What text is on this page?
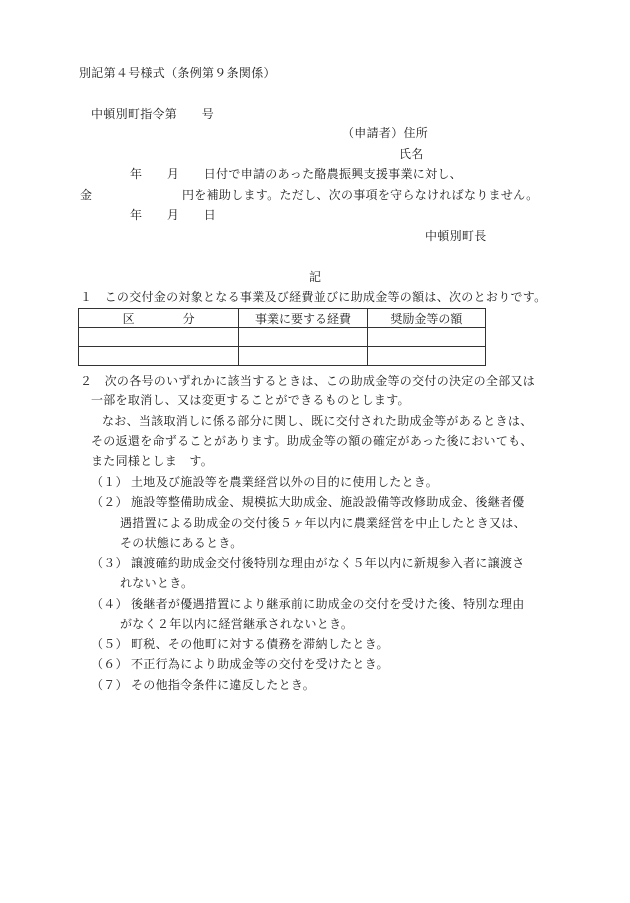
別記第４号様式（条例第９条関係）
中頓別町指令第　　号
（申請者）住所
氏名
年　　月　　日付で申請のあった酪農振興支援事業に対し、
金	円を補助します。ただし、次の事項を守らなければなりません。
年　　月　　日
中頓別町長
記
１　この交付金の対象となる事業及び経費並びに助成金等の額は、次のとおりです。
区　　　　分	事業に要する経費	奨励金等の額

２　次の各号のいずれかに該当するときは、この助成金等の交付の決定の全部又は
一部を取消し、又は変更することができるものとします。
なお、当該取消しに係る部分に関し、既に交付された助成金等があるときは、
その返還を命ずることがあります。助成金等の額の確定があった後においても、
また同様としま　す。
（１） 土地及び施設等を農業経営以外の目的に使用したとき。
（２） 施設等整備助成金、規模拡大助成金、施設設備等改修助成金、後継者優
遇措置による助成金の交付後５ヶ年以内に農業経営を中止したとき又は、
その状態にあるとき。
（３） 譲渡確約助成金交付後特別な理由がなく５年以内に新規参入者に譲渡さ
れないとき。
（４） 後継者が優遇措置により継承前に助成金の交付を受けた後、特別な理由
がなく２年以内に経営継承されないとき。
（５） 町税、その他町に対する債務を滞納したとき。
（６） 不正行為により助成金等の交付を受けたとき。
（７） その他指令条件に違反したとき。
